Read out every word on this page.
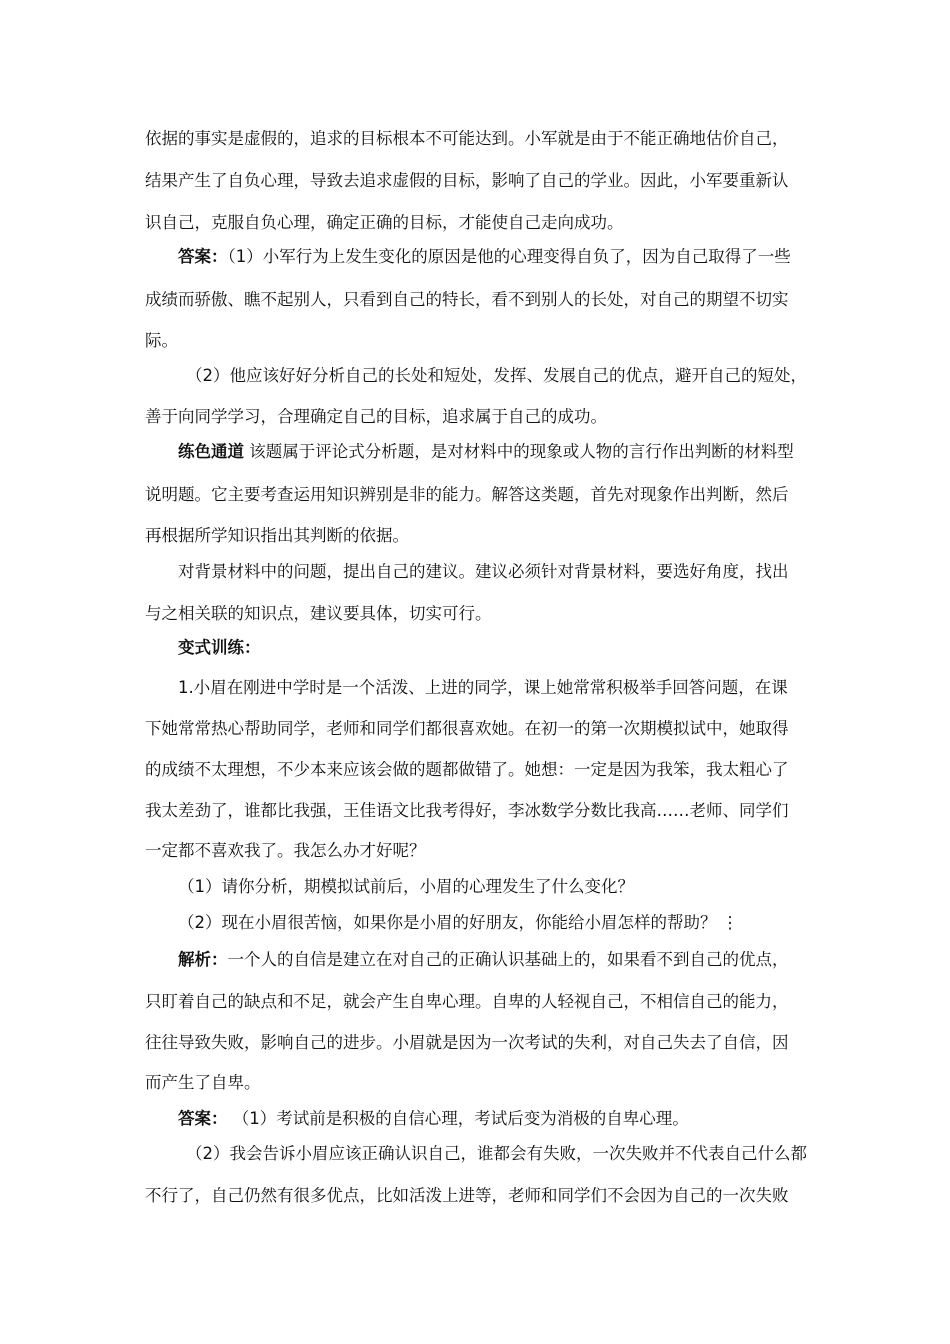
依据的事实是虚假的，追求的目标根本不可能达到。小军就是由于不能正确地估价自己，
结果产生了自负心理，导致去追求虚假的目标，影响了自己的学业。因此，小军要重新认
识自己，克服自负心理，确定正确的目标，才能使自己走向成功。
答案：（1）小军行为上发生变化的原因是他的心理变得自负了，因为自己取得了一些
成绩而骄傲、瞧不起别人，只看到自己的特长，看不到别人的长处，对自己的期望不切实
际。
（2）他应该好好分析自己的长处和短处，发挥、发展自己的优点，避开自己的短处，
善于向同学学习，合理确定自己的目标，追求属于自己的成功。
练色通道 该题属于评论式分析题，是对材料中的现象或人物的言行作出判断的材料型
说明题。它主要考查运用知识辨别是非的能力。解答这类题，首先对现象作出判断，然后
再根据所学知识指出其判断的依据。
对背景材料中的问题，提出自己的建议。建议必须针对背景材料，要选好角度，找出
与之相关联的知识点，建议要具体，切实可行。
变式训练：
1.小眉在刚进中学时是一个活泼、上进的同学，课上她常常积极举手回答问题，在课
下她常常热心帮助同学，老师和同学们都很喜欢她。在初一的第一次期模拟试中，她取得
的成绩不太理想，不少本来应该会做的题都做错了。她想：一定是因为我笨，我太粗心了
我太差劲了，谁都比我强，王佳语文比我考得好，李冰数学分数比我高……老师、同学们
一定都不喜欢我了。我怎么办才好呢？
（1）请你分析，期模拟试前后，小眉的心理发生了什么变化？
（2）现在小眉很苦恼，如果你是小眉的好朋友，你能给小眉怎样的帮助？ ⋮
解析：一个人的自信是建立在对自己的正确认识基础上的，如果看不到自己的优点，
只盯着自己的缺点和不足，就会产生自卑心理。自卑的人轻视自己，不相信自己的能力，
往往导致失败，影响自己的进步。小眉就是因为一次考试的失利，对自己失去了自信，因
而产生了自卑。
答案： （1）考试前是积极的自信心理，考试后变为消极的自卑心理。
（2）我会告诉小眉应该正确认识自己，谁都会有失败，一次失败并不代表自己什么都
不行了，自己仍然有很多优点，比如活泼上进等，老师和同学们不会因为自己的一次失败
